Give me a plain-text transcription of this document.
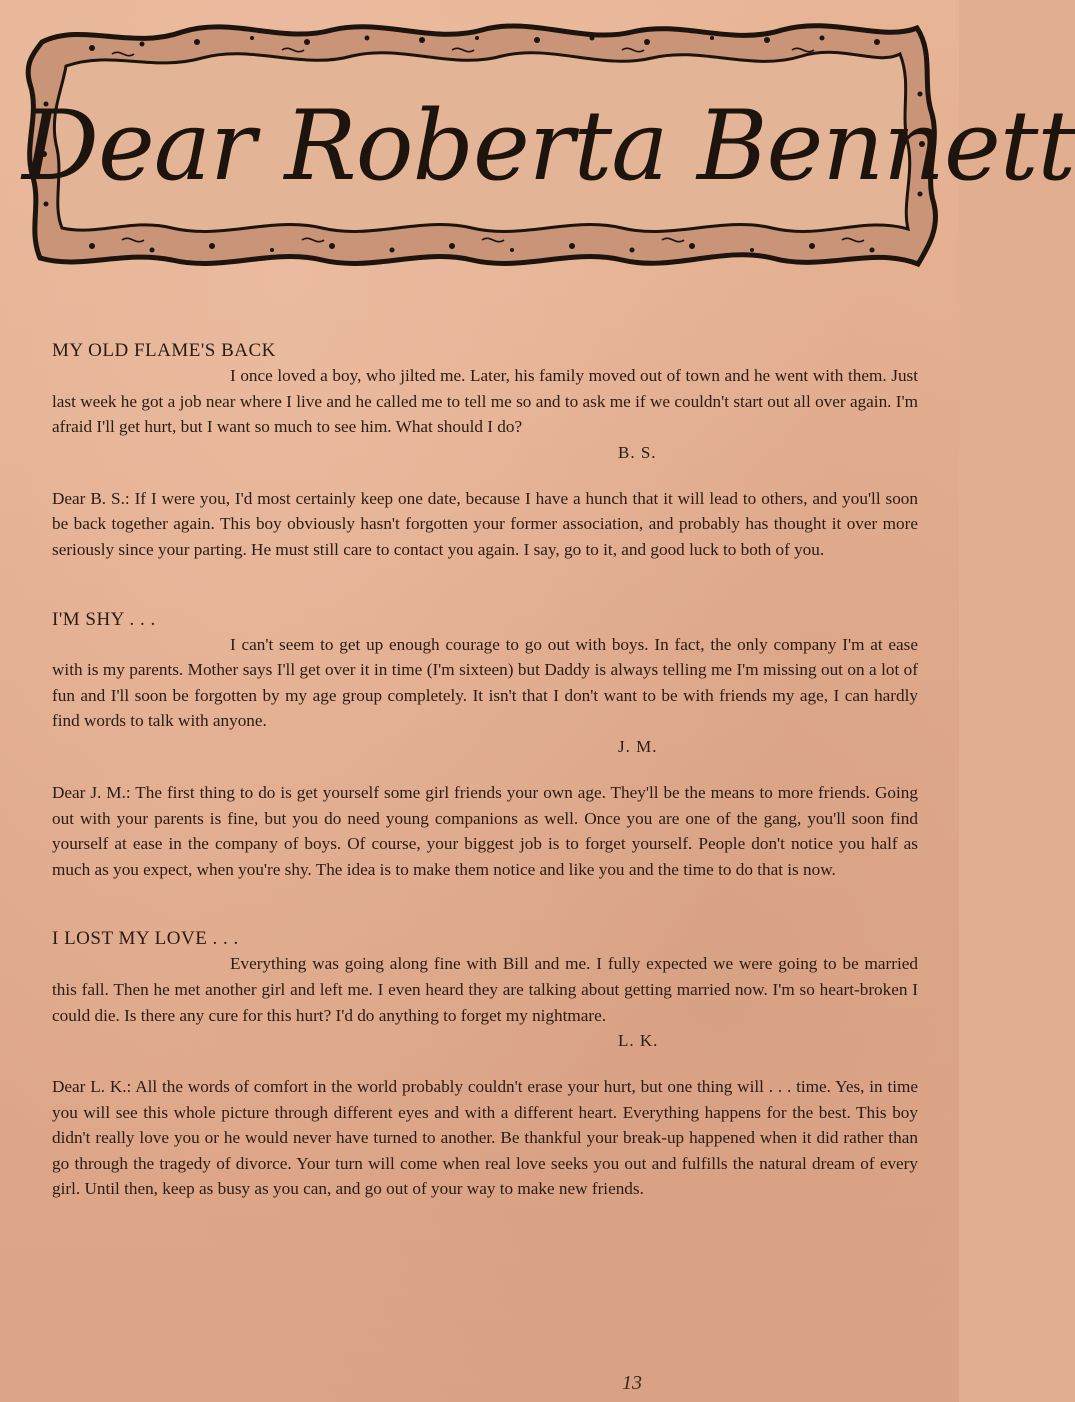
Dear Roberta Bennett
MY OLD FLAME'S BACK

I once loved a boy, who jilted me. Later, his family moved out of town and he went with them. Just last week he got a job near where I live and he called me to tell me so and to ask me if we couldn't start out all over again. I'm afraid I'll get hurt, but I want so much to see him. What should I do?

B. S.

Dear B. S.: If I were you, I'd most certainly keep one date, because I have a hunch that it will lead to others, and you'll soon be back together again. This boy obviously hasn't forgotten your former association, and probably has thought it over more seriously since your parting. He must still care to contact you again. I say, go to it, and good luck to both of you.

I'M SHY . . .

I can't seem to get up enough courage to go out with boys. In fact, the only company I'm at ease with is my parents. Mother says I'll get over it in time (I'm sixteen) but Daddy is always telling me I'm missing out on a lot of fun and I'll soon be forgotten by my age group completely. It isn't that I don't want to be with friends my age, I can hardly find words to talk with anyone.

J. M.

Dear J. M.: The first thing to do is get yourself some girl friends your own age. They'll be the means to more friends. Going out with your parents is fine, but you do need young companions as well. Once you are one of the gang, you'll soon find yourself at ease in the company of boys. Of course, your biggest job is to forget yourself. People don't notice you half as much as you expect, when you're shy. The idea is to make them notice and like you and the time to do that is now.

I LOST MY LOVE . . .

Everything was going along fine with Bill and me. I fully expected we were going to be married this fall. Then he met another girl and left me. I even heard they are talking about getting married now. I'm so heart-broken I could die. Is there any cure for this hurt? I'd do anything to forget my nightmare.

L. K.

Dear L. K.: All the words of comfort in the world probably couldn't erase your hurt, but one thing will . . . time. Yes, in time you will see this whole picture through different eyes and with a different heart. Everything happens for the best. This boy didn't really love you or he would never have turned to another. Be thankful your break-up happened when it did rather than go through the tragedy of divorce. Your turn will come when real love seeks you out and fulfills the natural dream of every girl. Until then, keep as busy as you can, and go out of your way to make new friends.

13
